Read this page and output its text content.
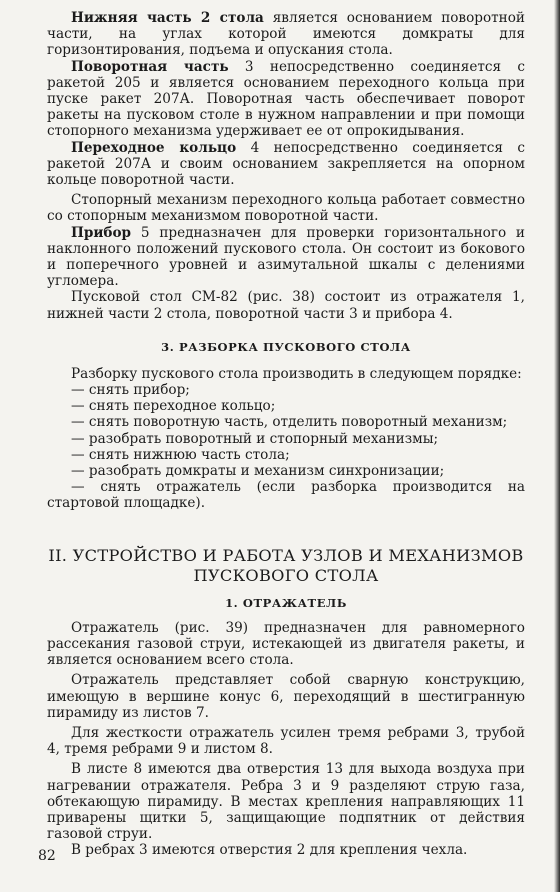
Нижняя часть 2 стола является основанием поворотной части, на углах которой имеются домкраты для горизонтирования, подъема и опускания стола.

Поворотная часть 3 непосредственно соединяется с ракетой 205 и является основанием переходного кольца при пуске ракет 207А. Поворотная часть обеспечивает поворот ракеты на пусковом столе в нужном направлении и при помощи стопорного механизма удерживает ее от опрокидывания.

Переходное кольцо 4 непосредственно соединяется с ракетой 207А и своим основанием закрепляется на опорном кольце поворотной части.

Стопорный механизм переходного кольца работает совместно со стопорным механизмом поворотной части.

Прибор 5 предназначен для проверки горизонтального и наклонного положений пускового стола. Он состоит из бокового и поперечного уровней и азимутальной шкалы с делениями угломера.

Пусковой стол СМ-82 (рис. 38) состоит из отражателя 1, нижней части 2 стола, поворотной части 3 и прибора 4.

3. РАЗБОРКА ПУСКОВОГО СТОЛА

Разборку пускового стола производить в следующем порядке:

— снять прибор;
— снять переходное кольцо;
— снять поворотную часть, отделить поворотный механизм;
— разобрать поворотный и стопорный механизмы;
— снять нижнюю часть стола;
— разобрать домкраты и механизм синхронизации;

— снять отражатель (если разборка производится на стартовой площадке).

II. УСТРОЙСТВО И РАБОТА УЗЛОВ И МЕХАНИЗМОВ
ПУСКОВОГО СТОЛА
1. ОТРАЖАТЕЛЬ

Отражатель (рис. 39) предназначен для равномерного рассекания газовой струи, истекающей из двигателя ракеты, и является основанием всего стола.

Отражатель представляет собой сварную конструкцию, имеющую в вершине конус 6, переходящий в шестигранную пирамиду из листов 7.

Для жесткости отражатель усилен тремя ребрами 3, трубой 4, тремя ребрами 9 и листом 8.

В листе 8 имеются два отверстия 13 для выхода воздуха при нагревании отражателя. Ребра 3 и 9 разделяют струю газа, обтекающую пирамиду. В местах крепления направляющих 11 приварены щитки 5, защищающие подпятник от действия газовой струи.

В ребрах 3 имеются отверстия 2 для крепления чехла.

82
